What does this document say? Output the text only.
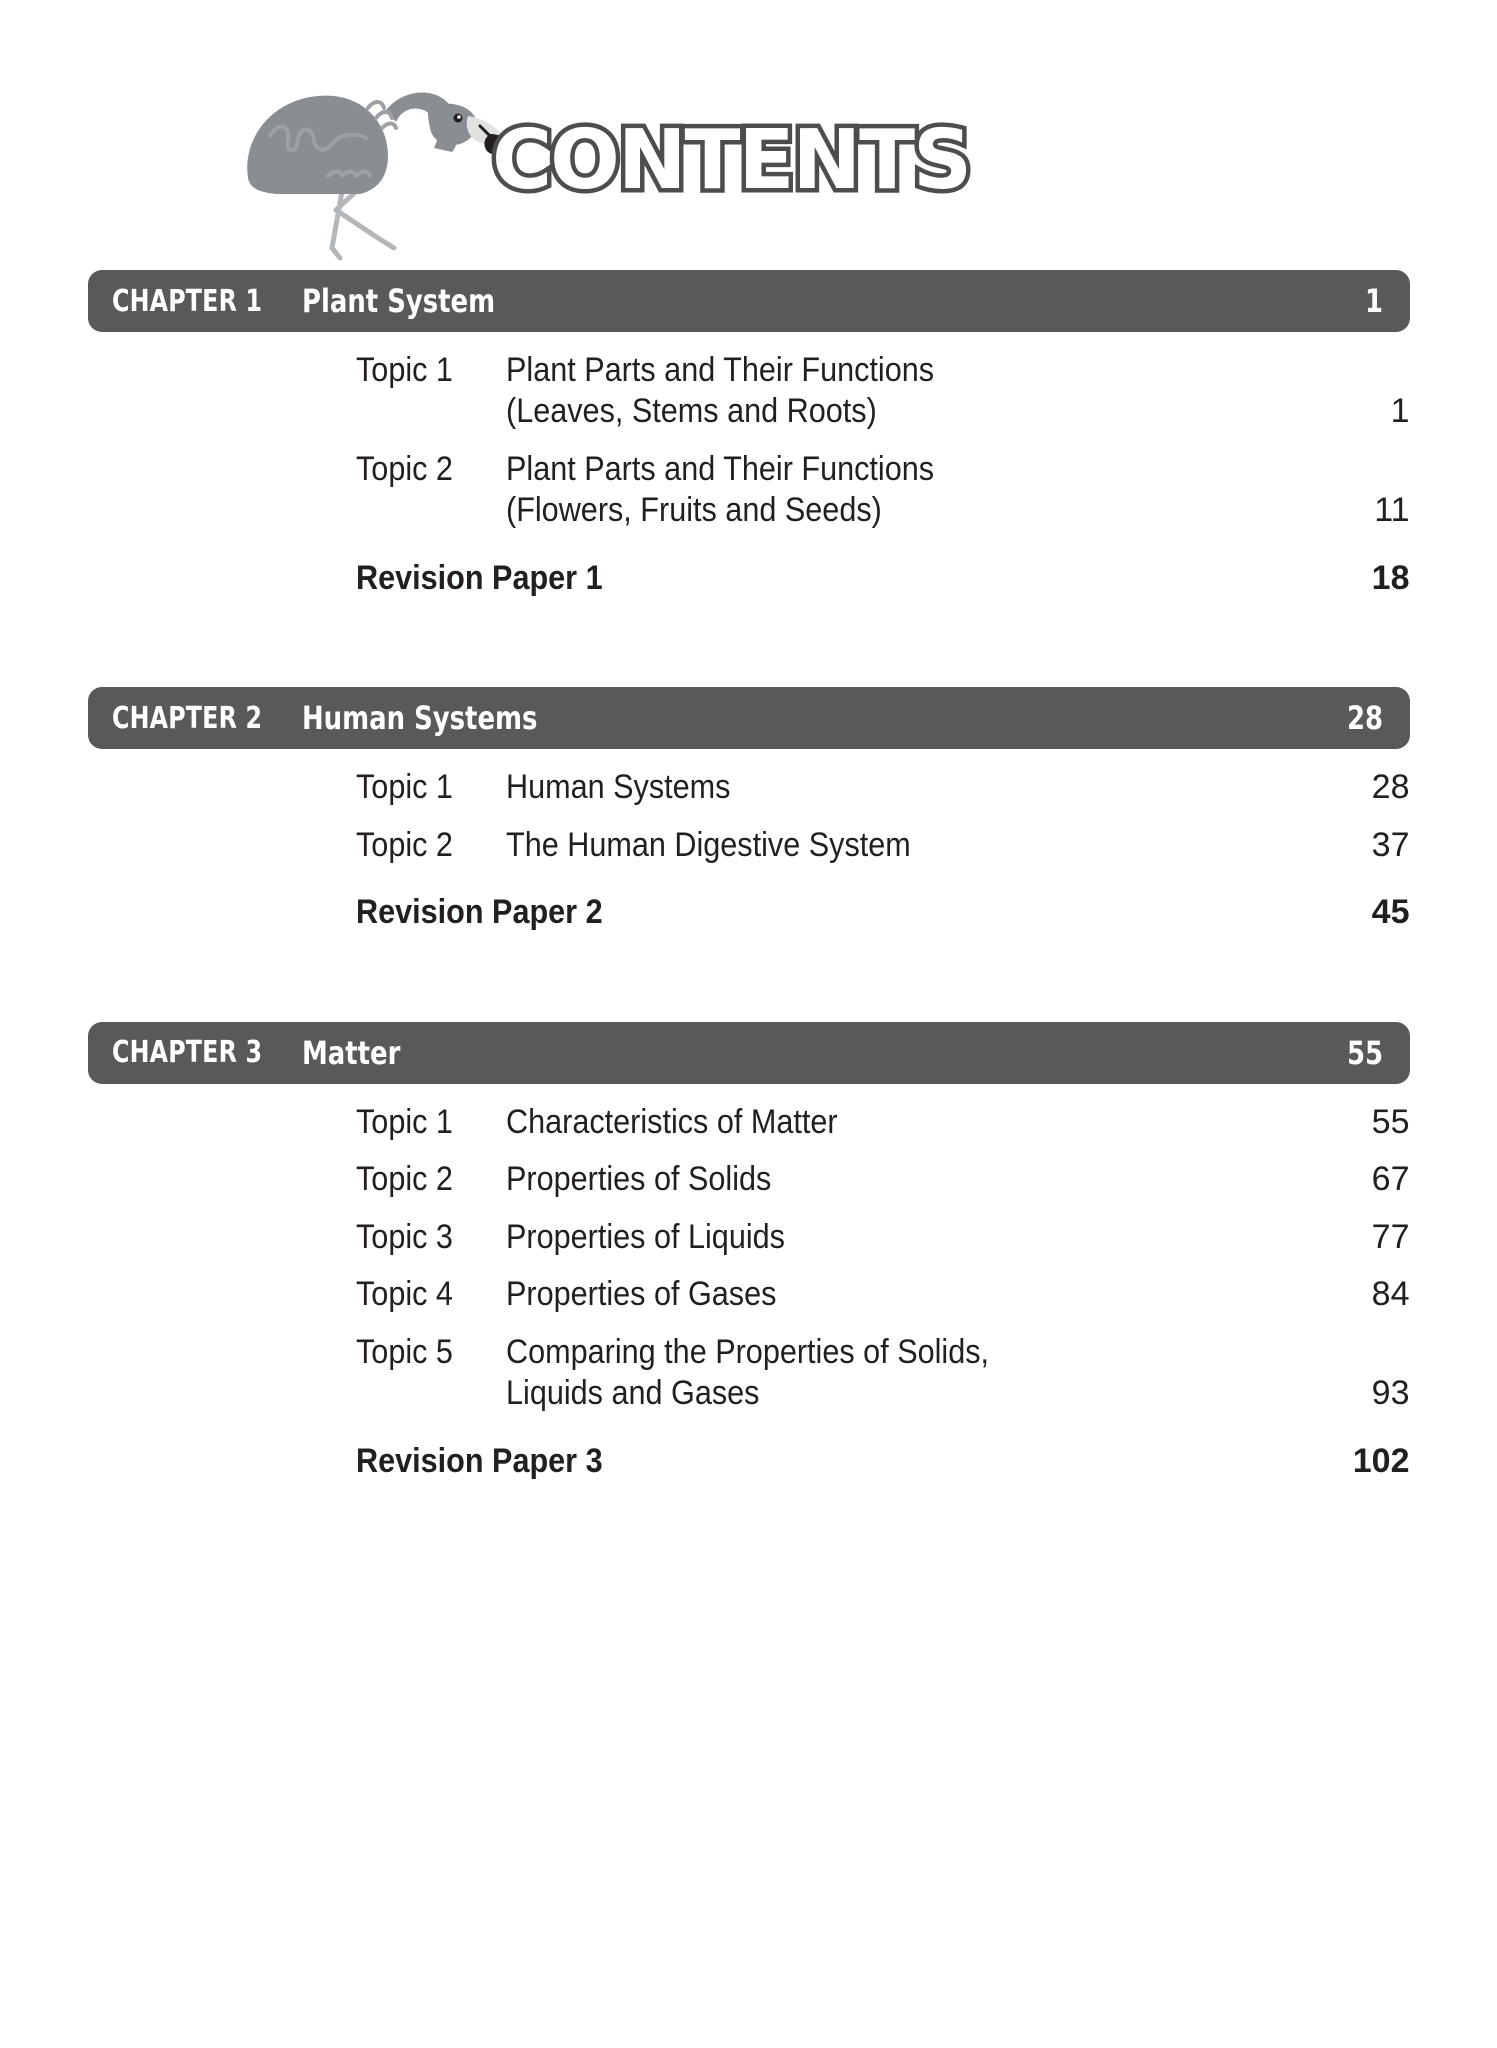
CONTENTS
CHAPTER 1	Plant System	1
Topic 1	Plant Parts and Their Functions
(Leaves, Stems and Roots)	1
Topic 2	Plant Parts and Their Functions
(Flowers, Fruits and Seeds)	11
Revision Paper 1	18
CHAPTER 2	Human Systems	28
Topic 1	Human Systems	28
Topic 2	The Human Digestive System	37
Revision Paper 2	45
CHAPTER 3	Matter	55
Topic 1	Characteristics of Matter	55
Topic 2	Properties of Solids	67
Topic 3	Properties of Liquids	77
Topic 4	Properties of Gases	84
Topic 5	Comparing the Properties of Solids,
Liquids and Gases	93
Revision Paper 3	102
